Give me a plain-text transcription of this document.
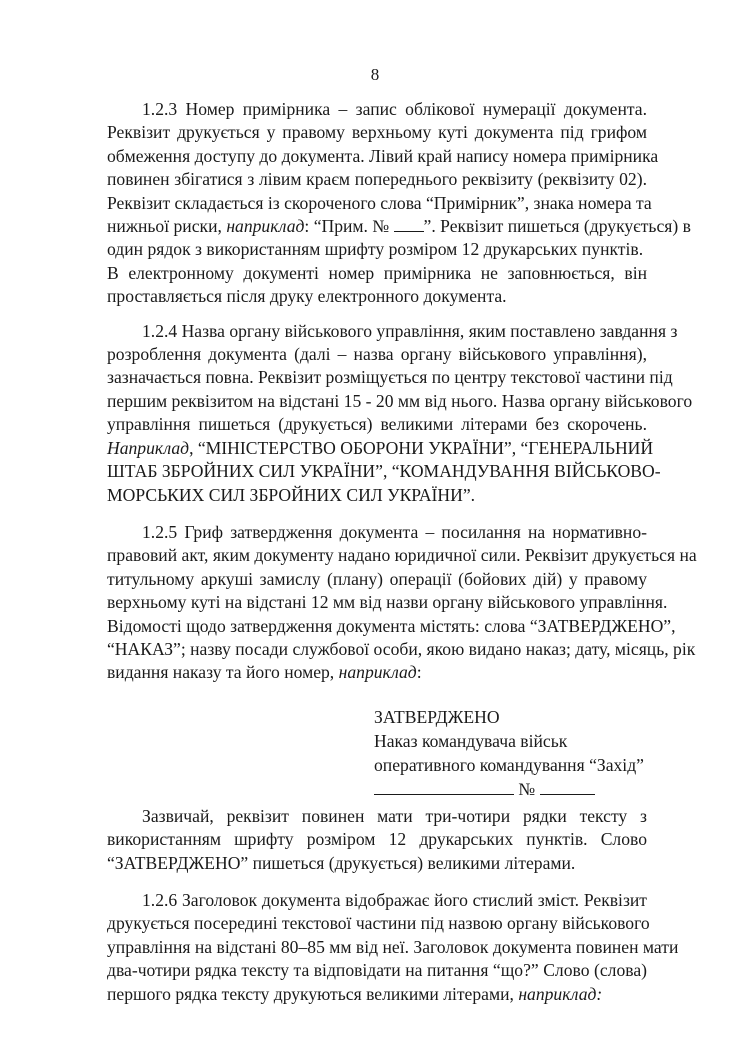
8
1.2.3 Номер примірника – запис облікової нумерації документа.
Реквізит друкується у правому верхньому куті документа під грифом
обмеження доступу до документа. Лівий край напису номера примірника
повинен збігатися з лівим краєм попереднього реквізиту (реквізиту 02).
Реквізит складається із скороченого слова “Примірник”, знака номера та
нижньої риски, наприклад: “Прим. № ”. Реквізит пишеться (друкується) в
один рядок з використанням шрифту розміром 12 друкарських пунктів.
В електронному документі номер примірника не заповнюється, він
проставляється після друку електронного документа.
1.2.4 Назва органу військового управління, яким поставлено завдання з
розроблення документа (далі – назва органу військового управління),
зазначається повна. Реквізит розміщується по центру текстової частини під
першим реквізитом на відстані 15 - 20 мм від нього. Назва органу військового
управління пишеться (друкується) великими літерами без скорочень.
Наприклад, “МІНІСТЕРСТВО ОБОРОНИ УКРАЇНИ”, “ГЕНЕРАЛЬНИЙ
ШТАБ ЗБРОЙНИХ СИЛ УКРАЇНИ”, “КОМАНДУВАННЯ ВІЙСЬКОВО-
МОРСЬКИХ СИЛ ЗБРОЙНИХ СИЛ УКРАЇНИ”.
1.2.5 Гриф затвердження документа – посилання на нормативно-
правовий акт, яким документу надано юридичної сили. Реквізит друкується на
титульному аркуші замислу (плану) операції (бойових дій) у правому
верхньому куті на відстані 12 мм від назви органу військового управління.
Відомості щодо затвердження документа містять: слова “ЗАТВЕРДЖЕНО”,
“НАКАЗ”; назву посади службової особи, якою видано наказ; дату, місяць, рік
видання наказу та його номер, наприклад:
ЗАТВЕРДЖЕНО
Наказ командувача військ
оперативного командування “Захід”
№
Зазвичай, реквізит повинен мати три-чотири рядки тексту з
використанням шрифту розміром 12 друкарських пунктів. Слово
“ЗАТВЕРДЖЕНО” пишеться (друкується) великими літерами.
1.2.6 Заголовок документа відображає його стислий зміст. Реквізит
друкується посередині текстової частини під назвою органу військового
управління на відстані 80–85 мм від неї. Заголовок документа повинен мати
два-чотири рядка тексту та відповідати на питання “що?” Слово (слова)
першого рядка тексту друкуються великими літерами, наприклад:
